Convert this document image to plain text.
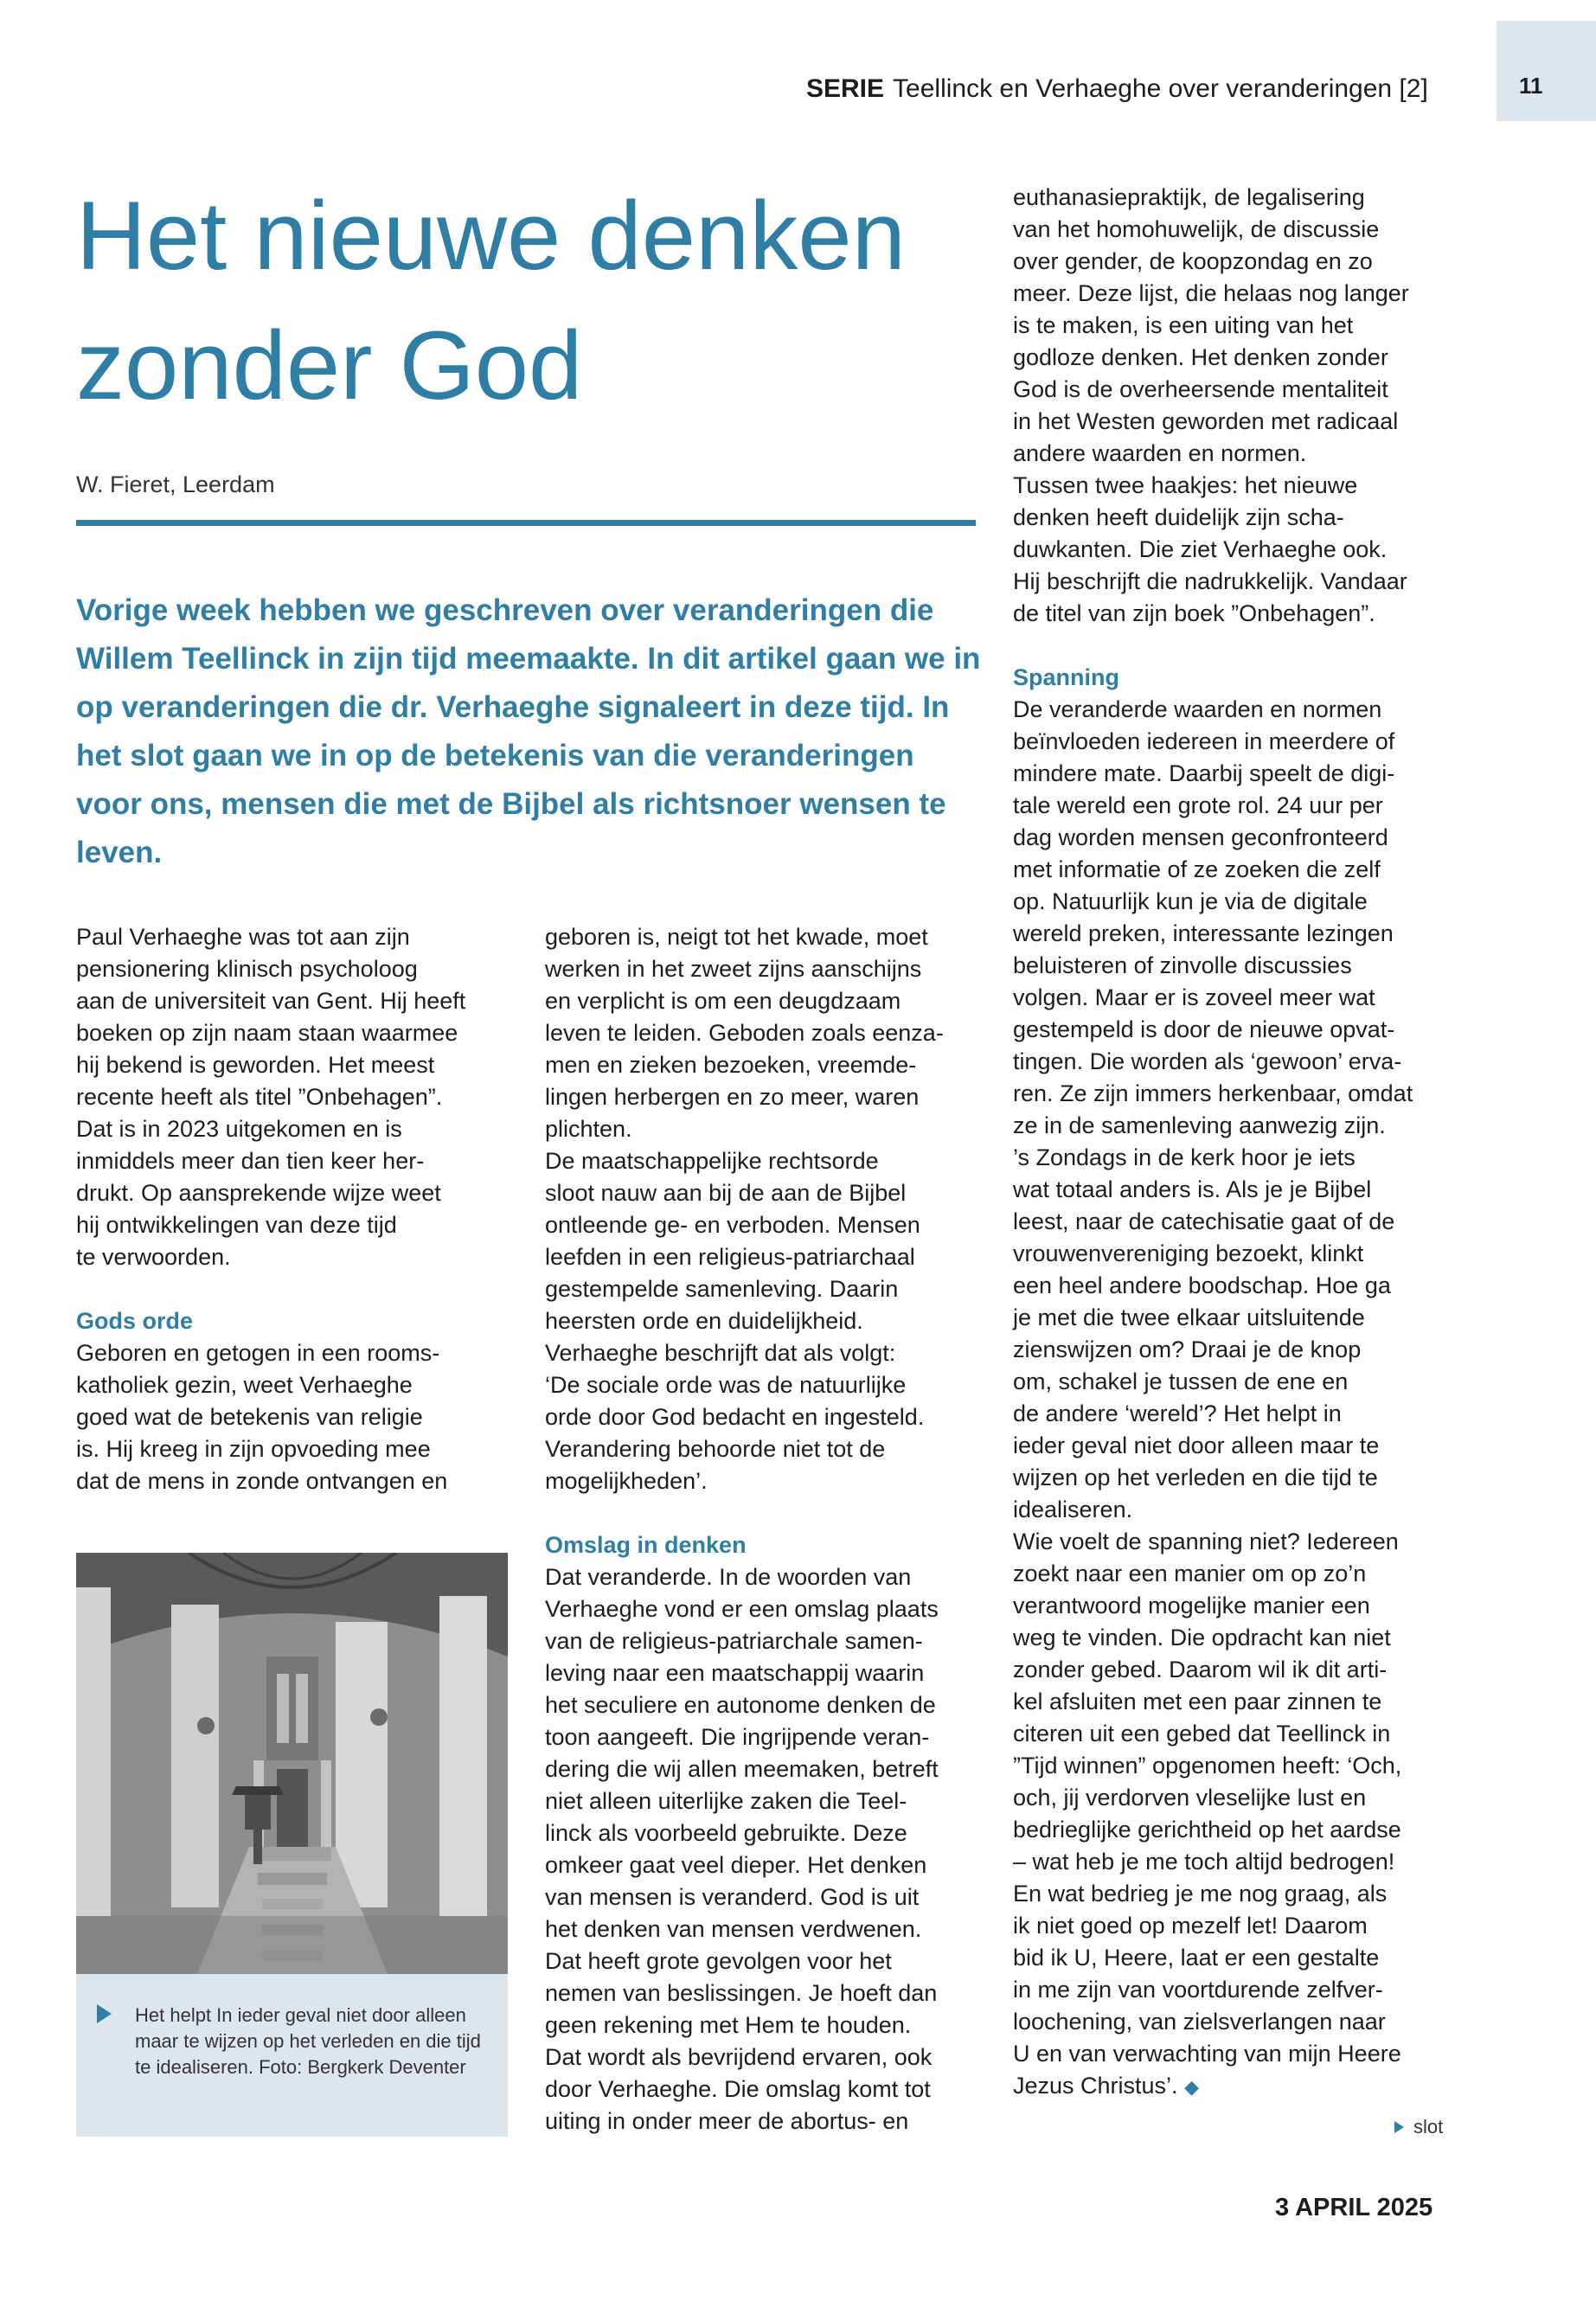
11
SERIE Teellinck en Verhaeghe over veranderingen [2]
Het nieuwe denken zonder God
W. Fieret, Leerdam

Vorige week hebben we geschreven over veranderingen die Willem Teellinck in zijn tijd meemaakte. In dit artikel gaan we in op veranderingen die dr. Verhaeghe signaleert in deze tijd. In het slot gaan we in op de betekenis van die veranderingen voor ons, mensen die met de Bijbel als richtsnoer wensen te leven.

Paul Verhaeghe was tot aan zijn
pensionering klinisch psycholoog
aan de universiteit van Gent. Hij heeft
boeken op zijn naam staan waarmee
hij bekend is geworden. Het meest
recente heeft als titel ”Onbehagen”.
Dat is in 2023 uitgekomen en is
inmiddels meer dan tien keer her-
drukt. Op aansprekende wijze weet
hij ontwikkelingen van deze tijd
te verwoorden.

Gods orde

Geboren en getogen in een rooms-
katholiek gezin, weet Verhaeghe
goed wat de betekenis van religie
is. Hij kreeg in zijn opvoeding mee
dat de mens in zonde ontvangen en

Het helpt In ieder geval niet door alleen maar te wijzen op het verleden en die tijd te idealiseren. Foto: Bergkerk Deventer

geboren is, neigt tot het kwade, moet
werken in het zweet zijns aanschijns
en verplicht is om een deugdzaam
leven te leiden. Geboden zoals eenza-
men en zieken bezoeken, vreemde-
lingen herbergen en zo meer, waren
plichten.

De maatschappelijke rechtsorde
sloot nauw aan bij de aan de Bijbel
ontleende ge- en verboden. Mensen
leefden in een religieus-patriarchaal
gestempelde samenleving. Daarin
heersten orde en duidelijkheid.
Verhaeghe beschrijft dat als volgt:
‘De sociale orde was de natuurlijke
orde door God bedacht en ingesteld.
Verandering behoorde niet tot de
mogelijkheden’.

Omslag in denken

Dat veranderde. In de woorden van
Verhaeghe vond er een omslag plaats
van de religieus-patriarchale samen-
leving naar een maatschappij waarin
het seculiere en autonome denken de
toon aangeeft. Die ingrijpende veran-
dering die wij allen meemaken, betreft
niet alleen uiterlijke zaken die Teel-
linck als voorbeeld gebruikte. Deze
omkeer gaat veel dieper. Het denken
van mensen is veranderd. God is uit
het denken van mensen verdwenen.
Dat heeft grote gevolgen voor het
nemen van beslissingen. Je hoeft dan
geen rekening met Hem te houden.
Dat wordt als bevrijdend ervaren, ook
door Verhaeghe. Die omslag komt tot
uiting in onder meer de abortus- en

euthanasiepraktijk, de legalisering
van het homohuwelijk, de discussie
over gender, de koopzondag en zo
meer. Deze lijst, die helaas nog langer
is te maken, is een uiting van het
godloze denken. Het denken zonder
God is de overheersende mentaliteit
in het Westen geworden met radicaal
andere waarden en normen.

Tussen twee haakjes: het nieuwe
denken heeft duidelijk zijn scha-
duwkanten. Die ziet Verhaeghe ook.
Hij beschrijft die nadrukkelijk. Vandaar
de titel van zijn boek ”Onbehagen”.

Spanning

De veranderde waarden en normen
beïnvloeden iedereen in meerdere of
mindere mate. Daarbij speelt de digi-
tale wereld een grote rol. 24 uur per
dag worden mensen geconfronteerd
met informatie of ze zoeken die zelf
op. Natuurlijk kun je via de digitale
wereld preken, interessante lezingen
beluisteren of zinvolle discussies
volgen. Maar er is zoveel meer wat
gestempeld is door de nieuwe opvat-
tingen. Die worden als ‘gewoon’ erva-
ren. Ze zijn immers herkenbaar, omdat
ze in de samenleving aanwezig zijn.
’s Zondags in de kerk hoor je iets
wat totaal anders is. Als je je Bijbel
leest, naar de catechisatie gaat of de
vrouwenvereniging bezoekt, klinkt
een heel andere boodschap. Hoe ga
je met die twee elkaar uitsluitende
zienswijzen om? Draai je de knop
om, schakel je tussen de ene en
de andere ‘wereld’? Het helpt in
ieder geval niet door alleen maar te
wijzen op het verleden en die tijd te
idealiseren.

Wie voelt de spanning niet? Iedereen
zoekt naar een manier om op zo’n
verantwoord mogelijke manier een
weg te vinden. Die opdracht kan niet
zonder gebed. Daarom wil ik dit arti-
kel afsluiten met een paar zinnen te
citeren uit een gebed dat Teellinck in
”Tijd winnen” opgenomen heeft: ‘Och,
och, jij verdorven vleselijke lust en
bedrieglijke gerichtheid op het aardse
– wat heb je me toch altijd bedrogen!
En wat bedrieg je me nog graag, als
ik niet goed op mezelf let! Daarom
bid ik U, Heere, laat er een gestalte
in me zijn van voortdurende zelfver-
loochening, van zielsverlangen naar
U en van verwachting van mijn Heere
Jezus Christus’. ◆

slot
3 APRIL 2025
